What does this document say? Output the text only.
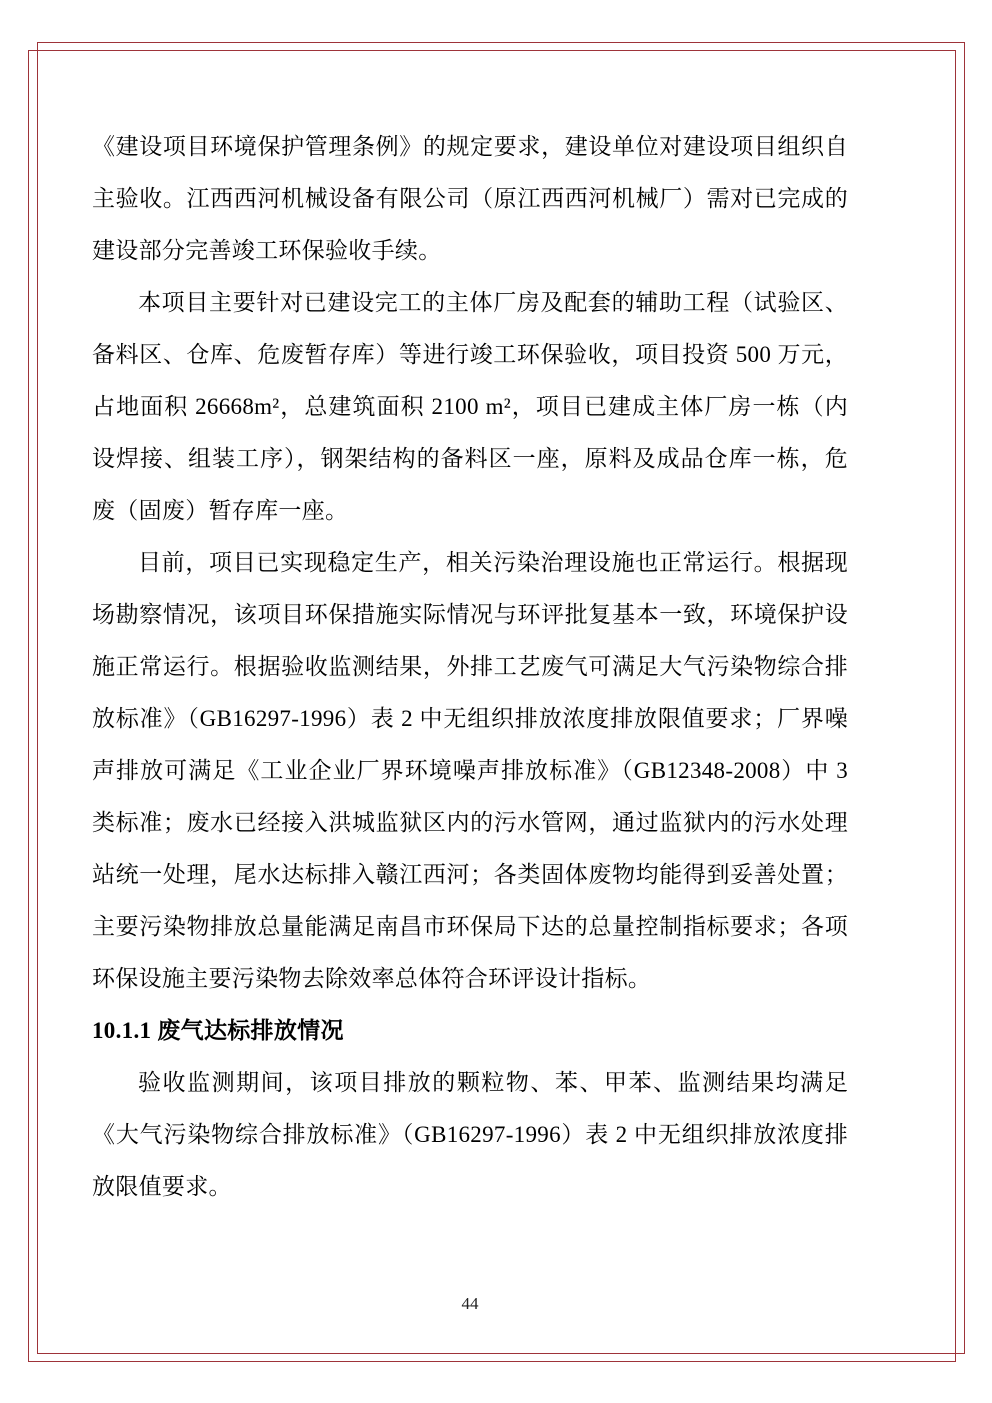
《建设项目环境保护管理条例》的规定要求，建设单位对建设项目组织自主验收。江西西河机械设备有限公司（原江西西河机械厂）需对已完成的建设部分完善竣工环保验收手续。

本项目主要针对已建设完工的主体厂房及配套的辅助工程（试验区、备料区、仓库、危废暂存库）等进行竣工环保验收，项目投资 500 万元，占地面积 26668m²，总建筑面积 2100 m²，项目已建成主体厂房一栋（内设焊接、组装工序），钢架结构的备料区一座，原料及成品仓库一栋，危废（固废）暂存库一座。

目前，项目已实现稳定生产，相关污染治理设施也正常运行。根据现场勘察情况，该项目环保措施实际情况与环评批复基本一致，环境保护设施正常运行。根据验收监测结果，外排工艺废气可满足大气污染物综合排放标准》（GB16297-1996）表 2 中无组织排放浓度排放限值要求；厂界噪声排放可满足《工业企业厂界环境噪声排放标准》（GB12348-2008）中 3 类标准；废水已经接入洪城监狱区内的污水管网，通过监狱内的污水处理站统一处理，尾水达标排入赣江西河；各类固体废物均能得到妥善处置；主要污染物排放总量能满足南昌市环保局下达的总量控制指标要求；各项环保设施主要污染物去除效率总体符合环评设计指标。

10.1.1 废气达标排放情况

验收监测期间，该项目排放的颗粒物、苯、甲苯、监测结果均满足《大气污染物综合排放标准》（GB16297-1996）表 2 中无组织排放浓度排放限值要求。

44
